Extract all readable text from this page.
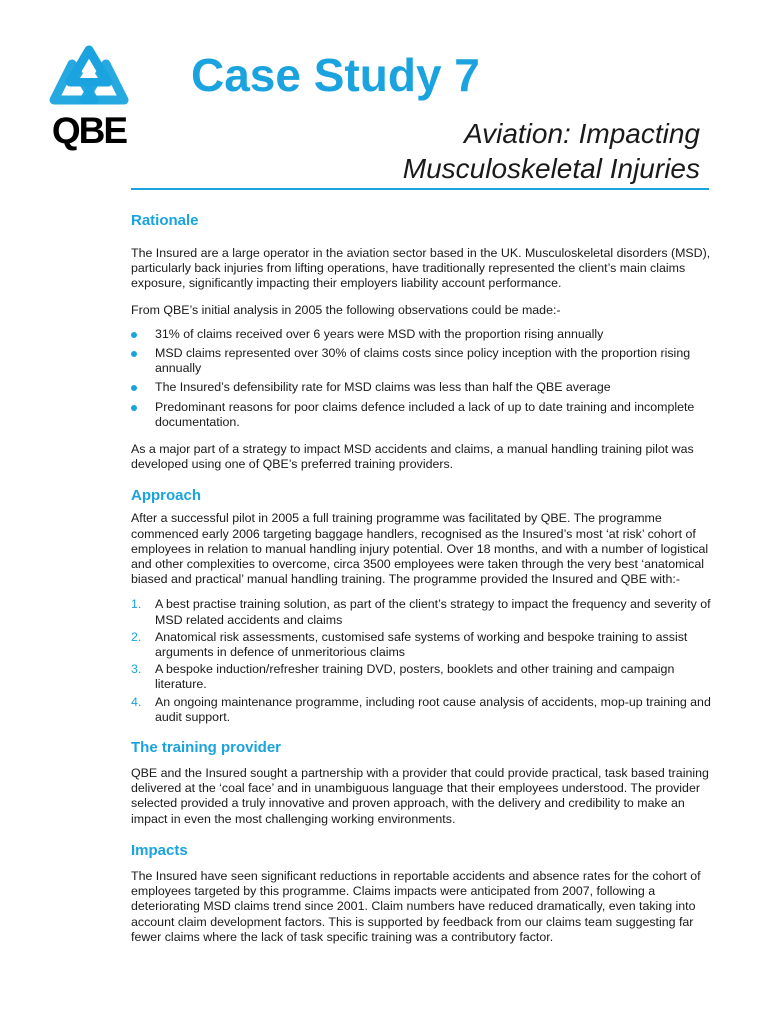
QBE
Case Study 7
Aviation: Impacting
Musculoskeletal Injuries
Rationale

The Insured are a large operator in the aviation sector based in the UK. Musculoskeletal disorders (MSD), particularly back injuries from lifting operations, have traditionally represented the client’s main claims exposure, significantly impacting their employers liability account performance.

From QBE’s initial analysis in 2005 the following observations could be made:-

31% of claims received over 6 years were MSD with the proportion rising annually
MSD claims represented over 30% of claims costs since policy inception with the proportion rising annually
The Insured’s defensibility rate for MSD claims was less than half the QBE average
Predominant reasons for poor claims defence included a lack of up to date training and incomplete documentation.

As a major part of a strategy to impact MSD accidents and claims, a manual handling training pilot was developed using one of QBE’s preferred training providers.

Approach

After a successful pilot in 2005 a full training programme was facilitated by QBE. The programme commenced early 2006 targeting baggage handlers, recognised as the Insured’s most ‘at risk’ cohort of employees in relation to manual handling injury potential. Over 18 months, and with a number of logistical and other complexities to overcome, circa 3500 employees were taken through the very best ‘anatomical biased and practical’ manual handling training. The programme provided the Insured and QBE with:-

1. A best practise training solution, as part of the client’s strategy to impact the frequency and severity of MSD related accidents and claims
2. Anatomical risk assessments, customised safe systems of working and bespoke training to assist arguments in defence of unmeritorious claims
3. A bespoke induction/refresher training DVD, posters, booklets and other training and campaign literature.
4. An ongoing maintenance programme, including root cause analysis of accidents, mop-up training and audit support.
The training provider

QBE and the Insured sought a partnership with a provider that could provide practical, task based training delivered at the ‘coal face’ and in unambiguous language that their employees understood. The provider selected provided a truly innovative and proven approach, with the delivery and credibility to make an impact in even the most challenging working environments.

Impacts

The Insured have seen significant reductions in reportable accidents and absence rates for the cohort of employees targeted by this programme. Claims impacts were anticipated from 2007, following a deteriorating MSD claims trend since 2001. Claim numbers have reduced dramatically, even taking into account claim development factors. This is supported by feedback from our claims team suggesting far fewer claims where the lack of task specific training was a contributory factor.
